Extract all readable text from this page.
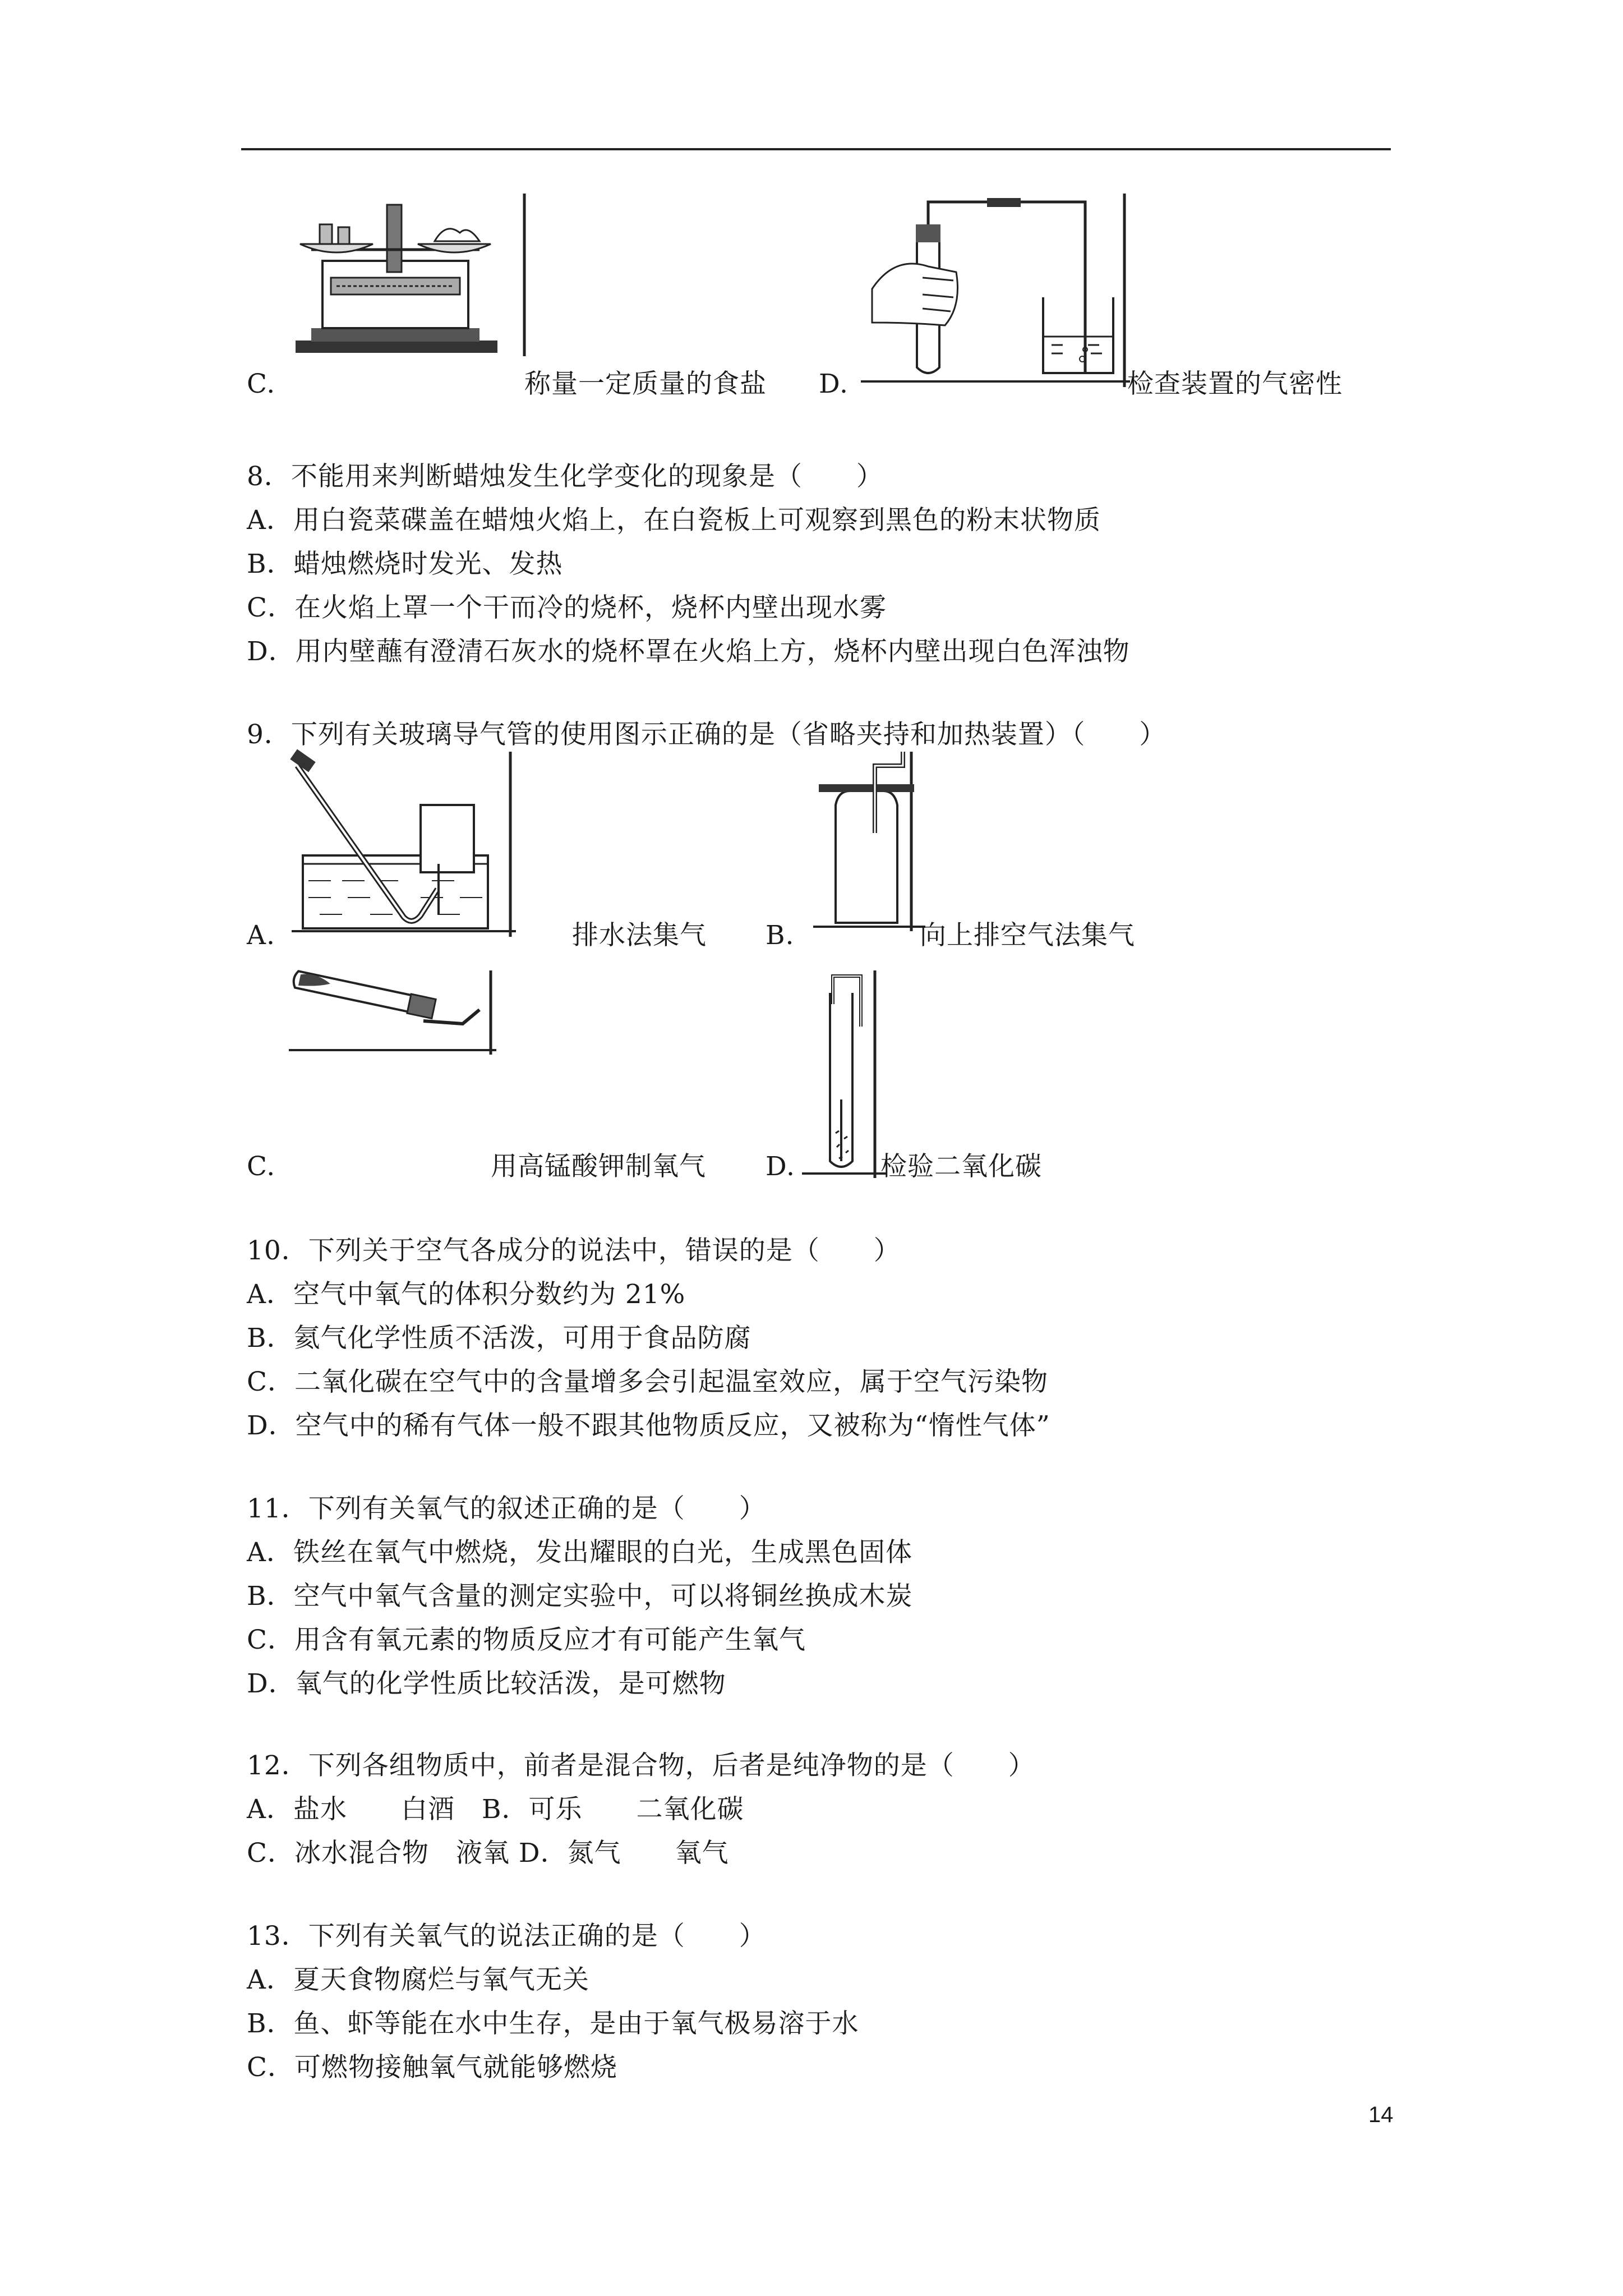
C.	称量一定质量的食盐 D.	检查装置的气密性
8．不能用来判断蜡烛发生化学变化的现象是（　　）
A．用白瓷菜碟盖在蜡烛火焰上，在白瓷板上可观察到黑色的粉末状物质
B．蜡烛燃烧时发光、发热
C．在火焰上罩一个干而冷的烧杯，烧杯内壁出现水雾
D．用内壁蘸有澄清石灰水的烧杯罩在火焰上方，烧杯内壁出现白色浑浊物
9．下列有关玻璃导气管的使用图示正确的是（省略夹持和加热装置）（　　）
A.	排水法集气 B.	向上排空气法集气
C.	用高锰酸钾制氧气 D.	检验二氧化碳
10．下列关于空气各成分的说法中，错误的是（　　）
A．空气中氧气的体积分数约为 21%
B．氦气化学性质不活泼，可用于食品防腐
C．二氧化碳在空气中的含量增多会引起温室效应，属于空气污染物
D．空气中的稀有气体一般不跟其他物质反应，又被称为“惰性气体”
11．下列有关氧气的叙述正确的是（　　）
A．铁丝在氧气中燃烧，发出耀眼的白光，生成黑色固体
B．空气中氧气含量的测定实验中，可以将铜丝换成木炭
C．用含有氧元素的物质反应才有可能产生氧气
D．氧气的化学性质比较活泼，是可燃物
12．下列各组物质中，前者是混合物，后者是纯净物的是（　　）
A．盐水　　白酒　B．可乐　　二氧化碳
C．冰水混合物　液氧 D．氮气　　氧气
13．下列有关氧气的说法正确的是（　　）
A．夏天食物腐烂与氧气无关
B．鱼、虾等能在水中生存，是由于氧气极易溶于水
C．可燃物接触氧气就能够燃烧
14
